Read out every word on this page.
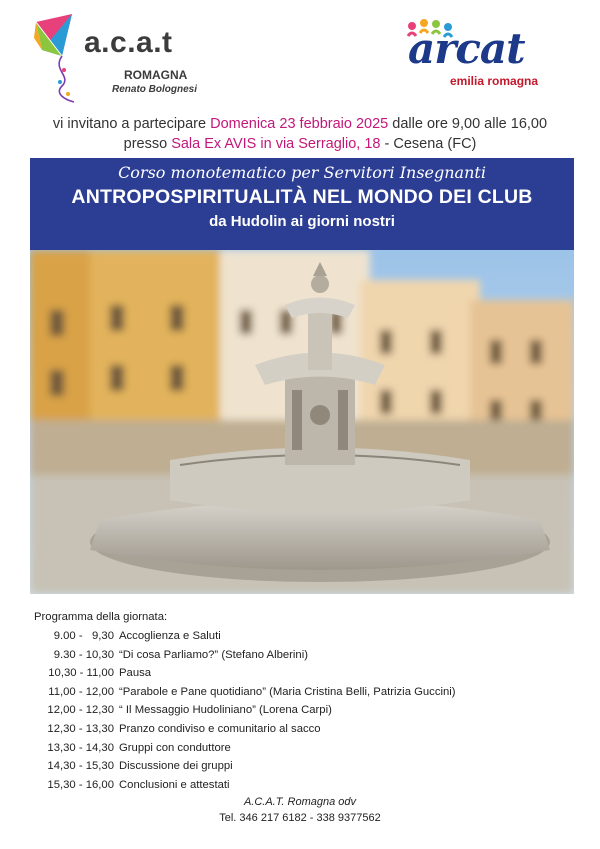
a.c.a.t
ROMAGNA
Renato Bolognesi
arcat
emilia romagna
vi invitano a partecipare Domenica 23 febbraio 2025 dalle ore 9,00 alle 16,00
presso Sala Ex AVIS in via Serraglio, 18 - Cesena (FC)
Corso monotematico per Servitori Insegnanti
ANTROPOSPIRITUALITÀ NEL MONDO DEI CLUB
da Hudolin ai giorni nostri
Programma della giornata:
9.00 -   9,30 Accoglienza e Saluti
9.30 - 10,30 “Di cosa Parliamo?” (Stefano Alberini)
10,30 - 11,00 Pausa
11,00 - 12,00 “Parabole e Pane quotidiano” (Maria Cristina Belli, Patrizia Guccini)
12,00 - 12,30 “ Il Messaggio Hudoliniano” (Lorena Carpi)
12,30 - 13,30 Pranzo condiviso e comunitario al sacco
13,30 - 14,30 Gruppi con conduttore
14,30 - 15,30 Discussione dei gruppi
15,30 - 16,00 Conclusioni e attestati
A.C.A.T. Romagna odv
Tel. 346 217 6182 - 338 9377562
